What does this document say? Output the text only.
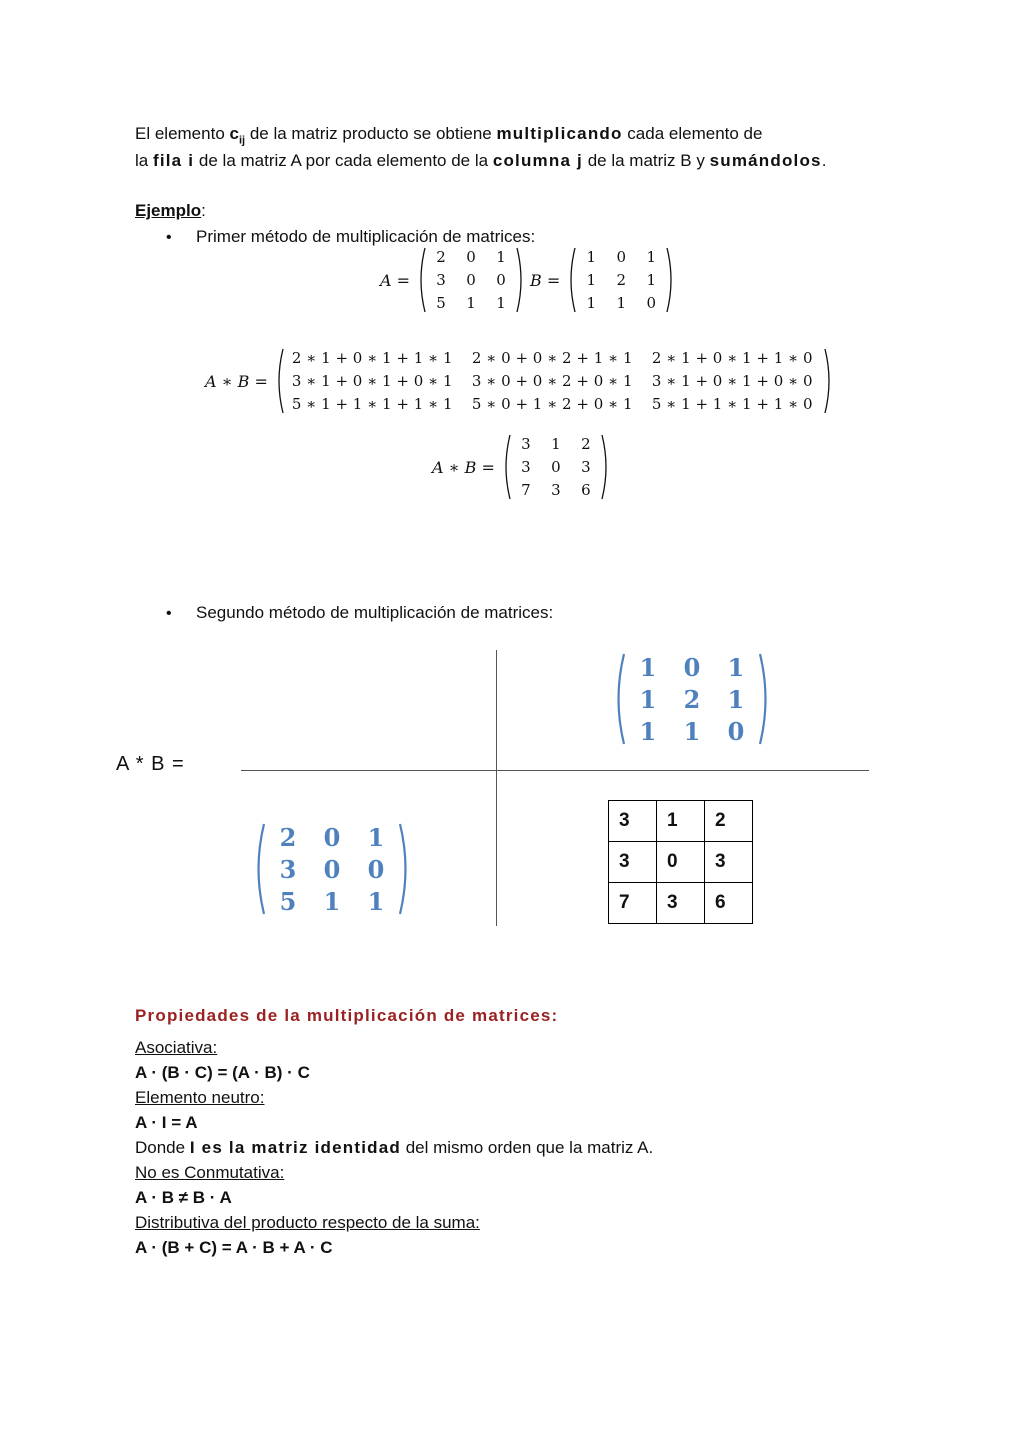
El elemento $c_{ij}$ de la matriz producto se obtiene multiplicando cada elemento de
la fila i de la matriz A por cada elemento de la columna j de la matriz B y sumándolos.
Ejemplo:
• Primer método de multiplicación de matrices:
A =
2	0	1
3	0	0
5	1	1
B =
1	0	1
1	2	1
1	1	0
A ∗ B =
2 ∗ 1 + 0 ∗ 1 + 1 ∗ 1	2 ∗ 0 + 0 ∗ 2 + 1 ∗ 1	2 ∗ 1 + 0 ∗ 1 + 1 ∗ 0
3 ∗ 1 + 0 ∗ 1 + 0 ∗ 1	3 ∗ 0 + 0 ∗ 2 + 0 ∗ 1	3 ∗ 1 + 0 ∗ 1 + 0 ∗ 0
5 ∗ 1 + 1 ∗ 1 + 1 ∗ 1	5 ∗ 0 + 1 ∗ 2 + 0 ∗ 1	5 ∗ 1 + 1 ∗ 1 + 1 ∗ 0
A ∗ B =
3	1	2
3	0	3
7	3	6
• Segundo método de multiplicación de matrices:
A * B =
1	0	1
1	2	1
1	1	0
2	0	1
3	0	0
5	1	1
3	1	2
3	0	3
7	3	6
Propiedades de la multiplicación de matrices:
Asociativa:
A · (B · C) = (A · B) · C
Elemento neutro:
A · I = A
Donde I es la matriz identidad del mismo orden que la matriz A.
No es Conmutativa:
A · B ≠ B · A
Distributiva del producto respecto de la suma:
A · (B + C) = A · B + A · C
